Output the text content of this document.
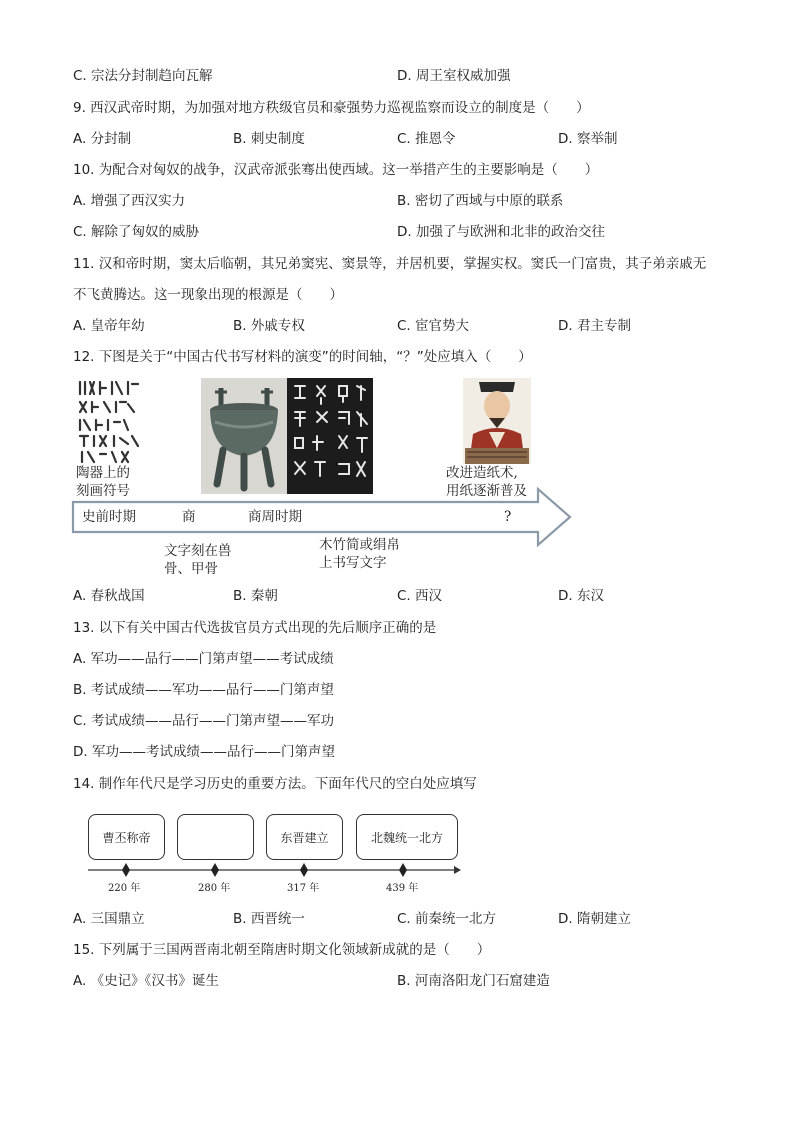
C. 宗法分封制趋向瓦解	D. 周王室权威加强
9. 西汉武帝时期，为加强对地方秩级官员和豪强势力巡视监察而设立的制度是（　　）
A. 分封制	B. 刺史制度	C. 推恩令	D. 察举制
10. 为配合对匈奴的战争，汉武帝派张骞出使西域。这一举措产生的主要影响是（　　）
A. 增强了西汉实力	B. 密切了西域与中原的联系
C. 解除了匈奴的威胁	D. 加强了与欧洲和北非的政治交往
11. 汉和帝时期，窦太后临朝，其兄弟窦宪、窦景等，并居机要，掌握实权。窦氏一门富贵，其子弟亲戚无
不飞黄腾达。这一现象出现的根源是（　　）
A. 皇帝年幼	B. 外戚专权	C. 宦官势大	D. 君主专制
12. 下图是关于“中国古代书写材料的演变”的时间轴，“？”处应填入（　　）
陶器上的
刻画符号
改进造纸术,
用纸逐渐普及
史前时期	商	商周时期	?
文字刻在兽
骨、甲骨
木竹简或绢帛
上书写文字
A. 春秋战国	B. 秦朝	C. 西汉	D. 东汉
13. 以下有关中国古代选拔官员方式出现的先后顺序正确的是
A. 军功——品行——门第声望——考试成绩
B. 考试成绩——军功——品行——门第声望
C. 考试成绩——品行——门第声望——军功
D. 军功——考试成绩——品行——门第声望
14. 制作年代尺是学习历史的重要方法。下面年代尺的空白处应填写
曹丕称帝	东晋建立	北魏统一北方
220 年	280 年	317 年	439 年
A. 三国鼎立	B. 西晋统一	C. 前秦统一北方	D. 隋朝建立
15. 下列属于三国两晋南北朝至隋唐时期文化领域新成就的是（　　）
A. 《史记》《汉书》诞生	B. 河南洛阳龙门石窟建造
